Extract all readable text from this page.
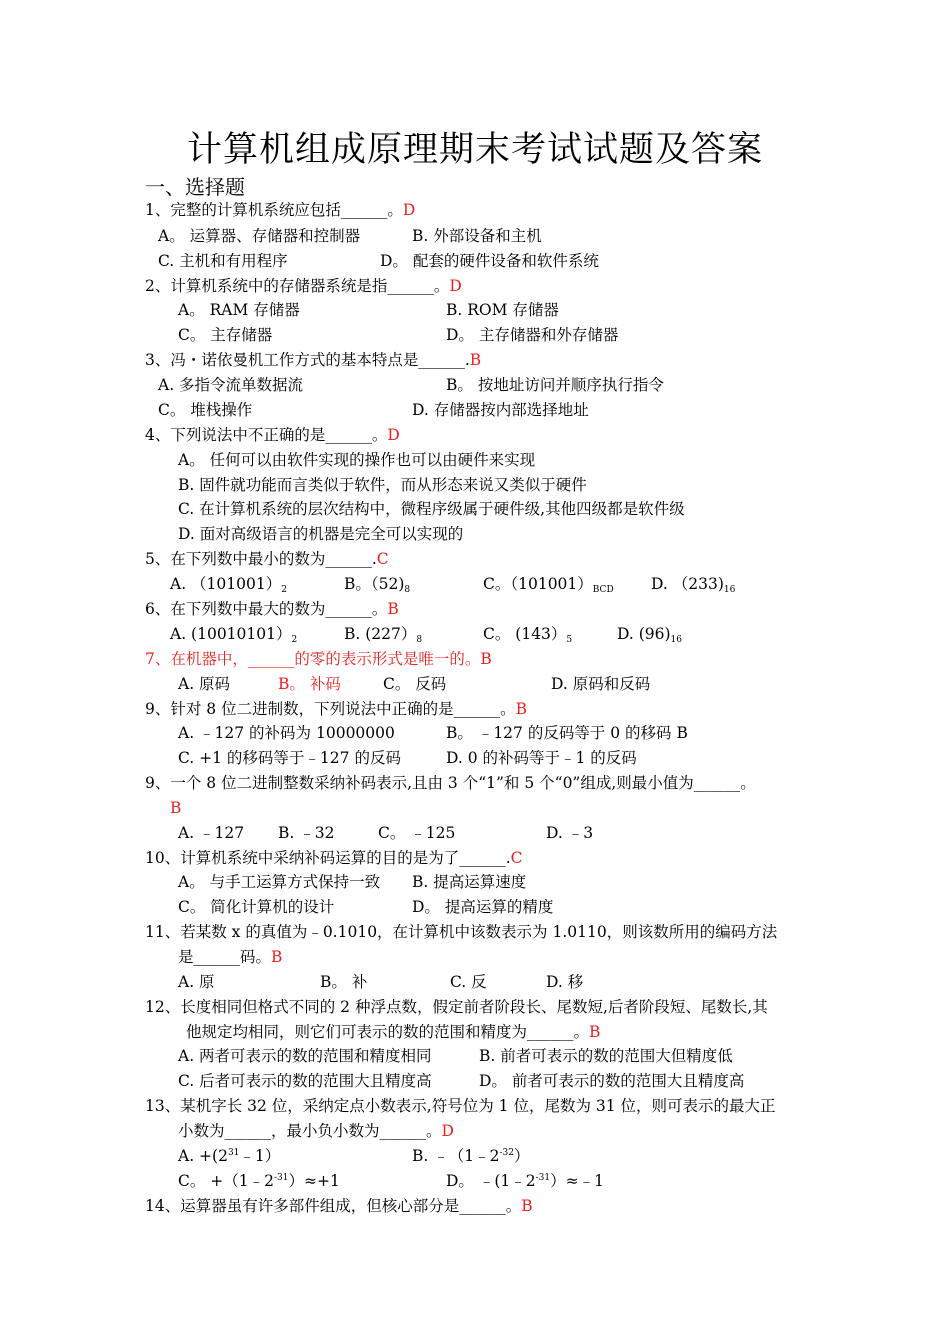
计算机组成原理期末考试试题及答案
一、选择题
1、完整的计算机系统应包括______。D
A。 运算器、存储器和控制器	B. 外部设备和主机
C. 主机和有用程序	D。 配套的硬件设备和软件系统
2、计算机系统中的存储器系统是指______。D
A。 RAM 存储器	B. ROM 存储器
C。 主存储器	D。 主存储器和外存储器
3、冯・诺依曼机工作方式的基本特点是______.B
A. 多指令流单数据流	B。 按地址访问并顺序执行指令
C。 堆栈操作	D. 存储器按内部选择地址
4、下列说法中不正确的是______。D
A。 任何可以由软件实现的操作也可以由硬件来实现
B. 固件就功能而言类似于软件，而从形态来说又类似于硬件
C. 在计算机系统的层次结构中，微程序级属于硬件级,其他四级都是软件级
D. 面对高级语言的机器是完全可以实现的
5、在下列数中最小的数为______.C
A. $(101001)_2$	B。$(52)_8$	C。$(101001)_{BCD}$ D. $(233)_{16}$
6、在下列数中最大的数为______。B
A. $(10010101)_2$	B. $(227)_8$	C。 $(143)_5$	D. $(96)_{16}$
7、在机器中，______的零的表示形式是唯一的。B
A. 原码	B。 补码	C。 反码	D. 原码和反码
9、针对 8 位二进制数，下列说法中正确的是______。B
A. ﹣127 的补码为 10000000	B。 ﹣127 的反码等于 0 的移码 B
C. +1 的移码等于﹣127 的反码	D. 0 的补码等于﹣1 的反码
9、一个 8 位二进制整数采纳补码表示,且由 3 个“1”和 5 个“0”组成,则最小值为______。
B
A. ﹣127 B. ﹣32	C。 ﹣125	D. ﹣3
10、计算机系统中采纳补码运算的目的是为了______.C
A。 与手工运算方式保持一致 B. 提高运算速度
C。 简化计算机的设计	D。 提高运算的精度
11、若某数 x 的真值为﹣0.1010，在计算机中该数表示为 1.0110，则该数所用的编码方法
是______码。B
A. 原	B。 补	C. 反	D. 移
12、长度相同但格式不同的 2 种浮点数，假定前者阶段长、尾数短,后者阶段短、尾数长,其
他规定均相同，则它们可表示的数的范围和精度为______。B
A. 两者可表示的数的范围和精度相同	B. 前者可表示的数的范围大但精度低
C. 后者可表示的数的范围大且精度高	D。 前者可表示的数的范围大且精度高
13、某机字长 32 位，采纳定点小数表示,符号位为 1 位，尾数为 31 位，则可表示的最大正
小数为______，最小负小数为______。D
A. $+(2^{31}﹣1)$	B. $﹣(1﹣2^{-32})$
C。 $+(1﹣2^{-31})\approx+1$	D。 $﹣(1﹣2^{-31})\approx﹣1$
14、运算器虽有许多部件组成，但核心部分是______。B
